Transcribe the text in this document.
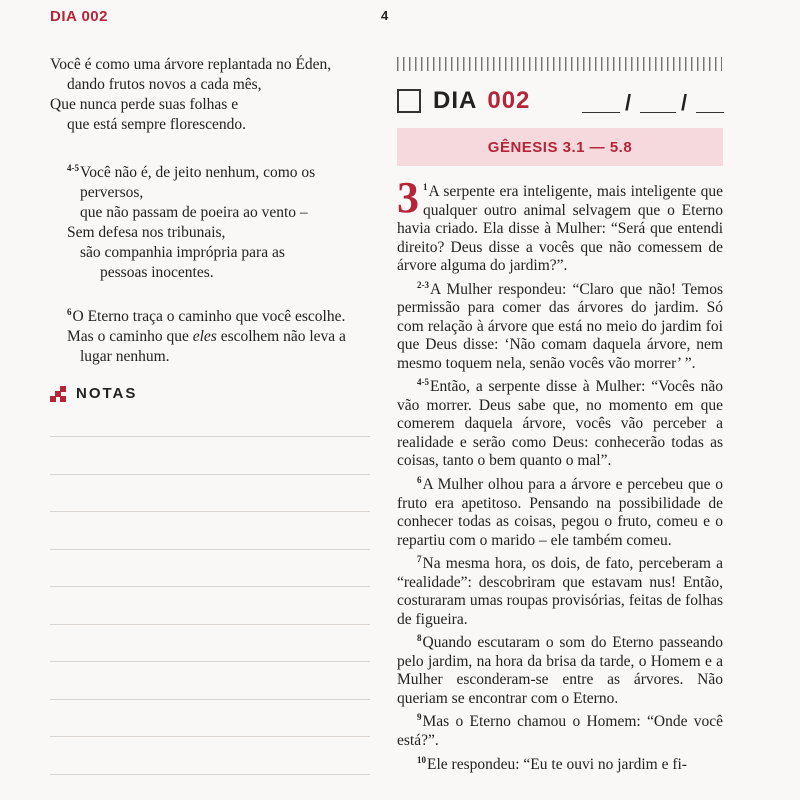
DIA 002	4
Você é como uma árvore replantada no Éden,
dando frutos novos a cada mês,
Que nunca perde suas folhas e
que está sempre florescendo.
$^{4-5}$Você não é, de jeito nenhum, como os
perversos,
que não passam de poeira ao vento –
Sem defesa nos tribunais,
são companhia imprópria para as
pessoas inocentes.
$^6$O Eterno traça o caminho que você escolhe.
Mas o caminho que eles escolhem não leva a
lugar nenhum.
NOTAS
DIA 002	/ /
GÊNESIS 3.1 — 5.8

3 $^1$A serpente era inteligente, mais inteligente que qualquer outro animal selvagem que o Eterno havia criado. Ela disse à Mulher: “Será que entendi direito? Deus disse a vocês que não comessem de árvore alguma do jardim?”.

$^{2-3}$A Mulher respondeu: “Claro que não! Temos permissão para comer das árvores do jardim. Só com relação à árvore que está no meio do jardim foi que Deus disse: ‘Não comam daquela árvore, nem mesmo toquem nela, senão vocês vão morrer’ ”.

$^{4-5}$Então, a serpente disse à Mulher: “Vocês não vão morrer. Deus sabe que, no momento em que comerem daquela árvore, vocês vão perceber a realidade e serão como Deus: conhecerão todas as coisas, tanto o bem quanto o mal”.

$^6$A Mulher olhou para a árvore e percebeu que o fruto era apetitoso. Pensando na possibilidade de conhecer todas as coisas, pegou o fruto, comeu e o repartiu com o marido – ele também comeu.

$^7$Na mesma hora, os dois, de fato, perceberam a “realidade”: descobriram que estavam nus! Então, costuraram umas roupas provisórias, feitas de folhas de figueira.

$^8$Quando escutaram o som do Eterno passeando pelo jardim, na hora da brisa da tarde, o Homem e a Mulher esconderam-se entre as árvores. Não queriam se encontrar com o Eterno.

$^9$Mas o Eterno chamou o Homem: “Onde você está?”.

$^{10}$Ele respondeu: “Eu te ouvi no jardim e fi-
